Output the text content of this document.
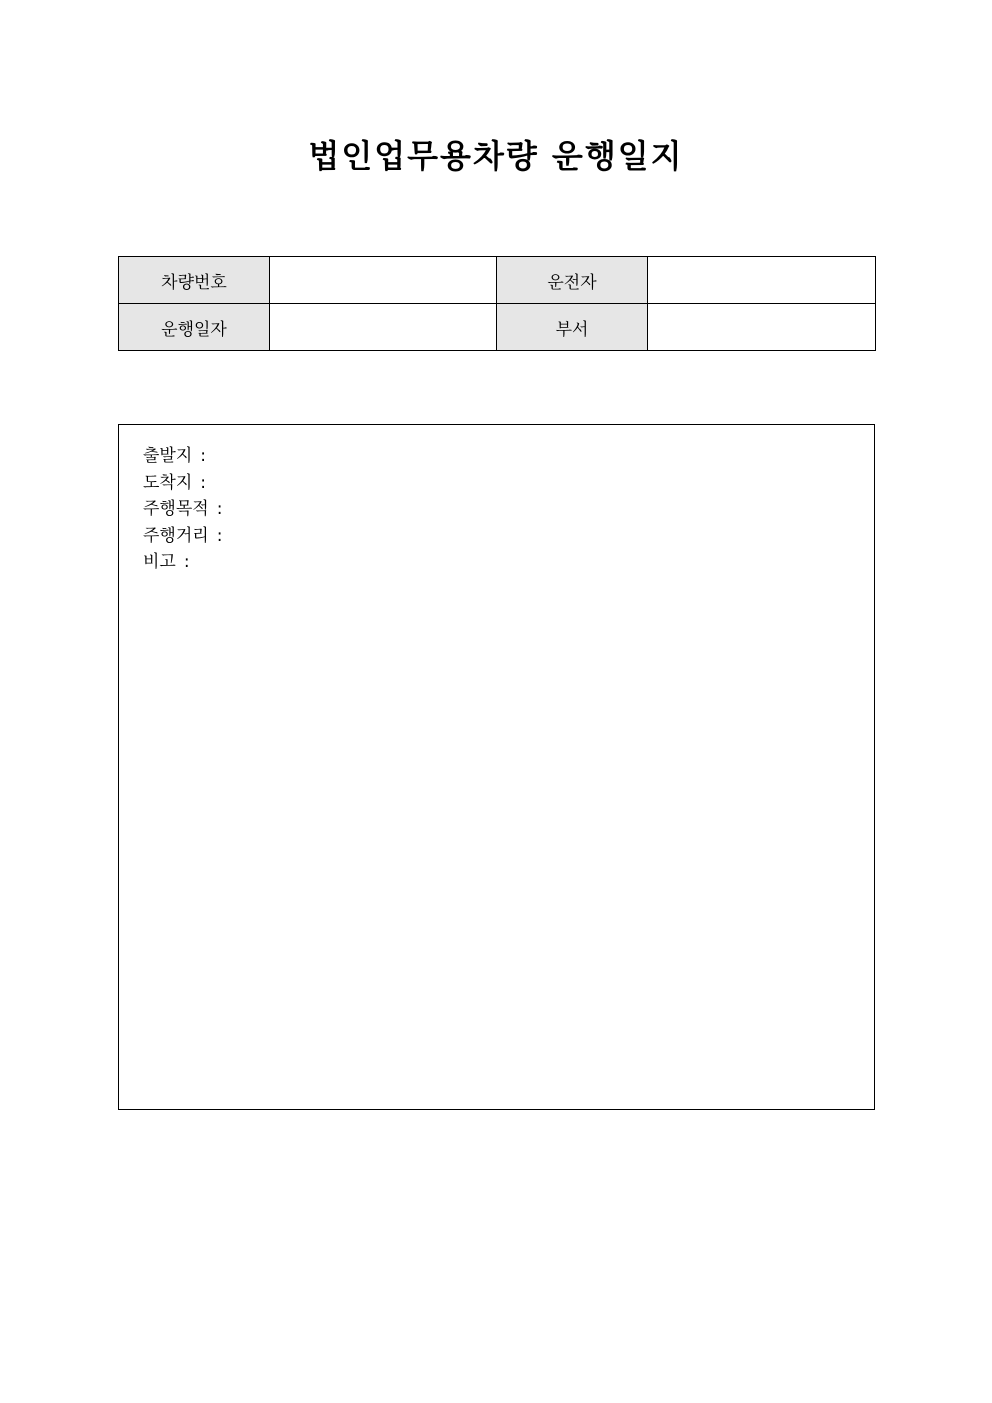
법인업무용차량 운행일지
차량번호		운전자	
운행일자		부서	
출발지 :
도착지 :
주행목적 :
주행거리 :
비고 :
